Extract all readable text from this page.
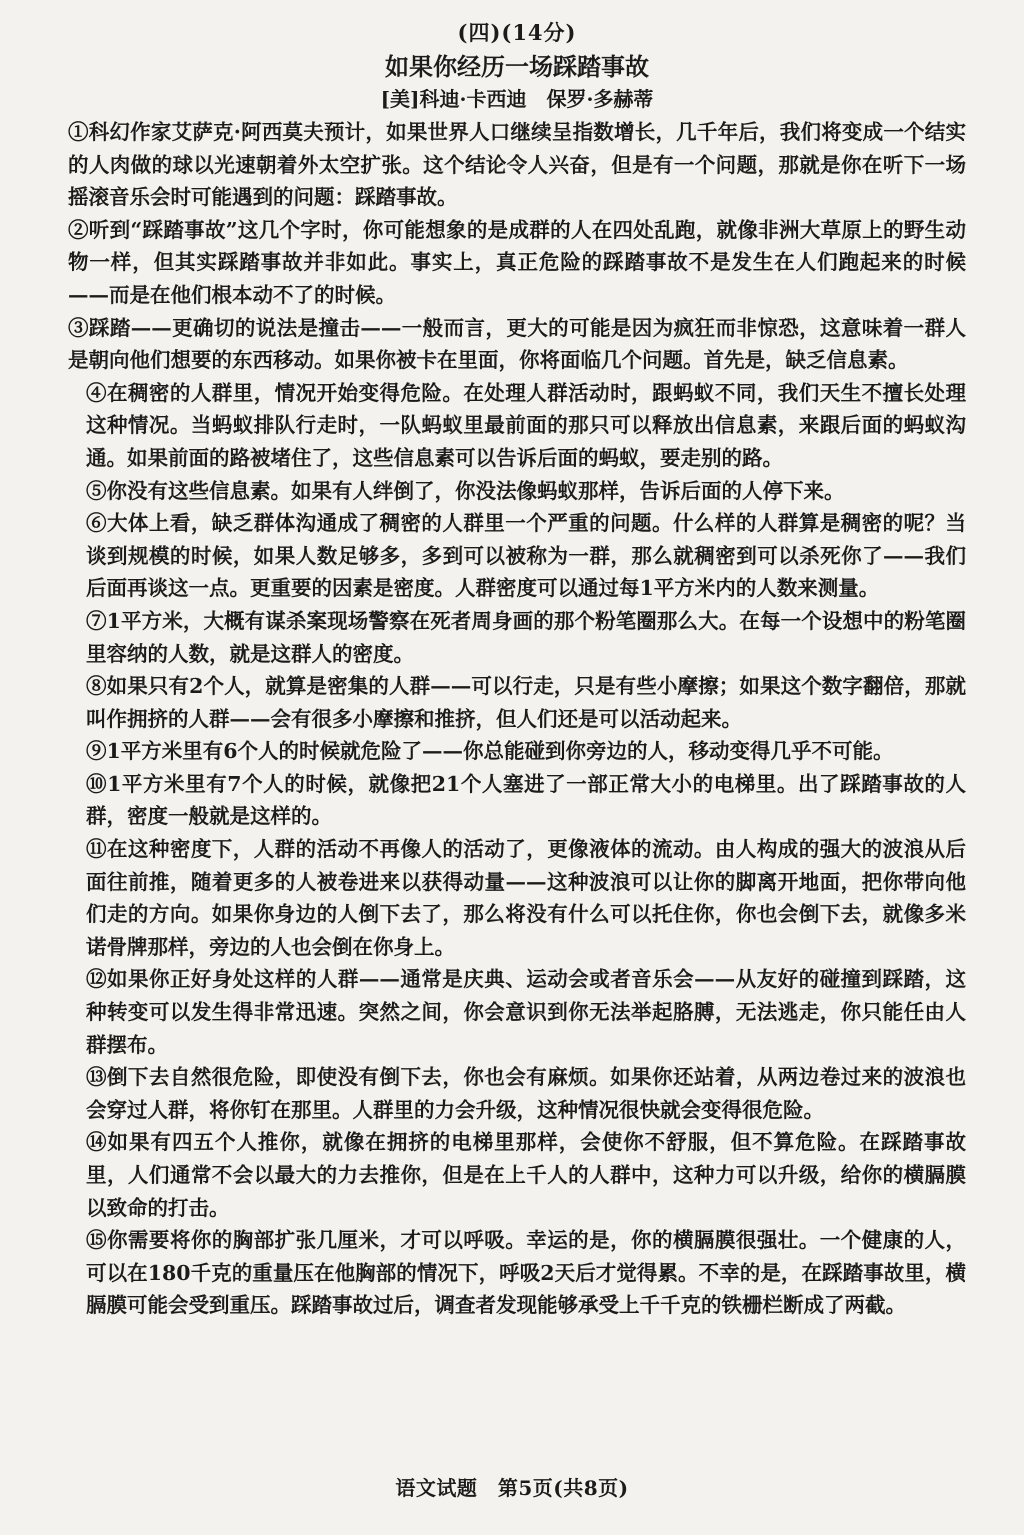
(四)(14分)
如果你经历一场踩踏事故
[美]科迪·卡西迪　保罗·多赫蒂

①科幻作家艾萨克·阿西莫夫预计，如果世界人口继续呈指数增长，几千年后，我们将变成一个结实的人肉做的球以光速朝着外太空扩张。这个结论令人兴奋，但是有一个问题，那就是你在听下一场摇滚音乐会时可能遇到的问题：踩踏事故。

②听到“踩踏事故”这几个字时，你可能想象的是成群的人在四处乱跑，就像非洲大草原上的野生动物一样，但其实踩踏事故并非如此。事实上，真正危险的踩踏事故不是发生在人们跑起来的时候——而是在他们根本动不了的时候。

③踩踏——更确切的说法是撞击——一般而言，更大的可能是因为疯狂而非惊恐，这意味着一群人是朝向他们想要的东西移动。如果你被卡在里面，你将面临几个问题。首先是，缺乏信息素。

④在稠密的人群里，情况开始变得危险。在处理人群活动时，跟蚂蚁不同，我们天生不擅长处理这种情况。当蚂蚁排队行走时，一队蚂蚁里最前面的那只可以释放出信息素，来跟后面的蚂蚁沟通。如果前面的路被堵住了，这些信息素可以告诉后面的蚂蚁，要走别的路。

⑤你没有这些信息素。如果有人绊倒了，你没法像蚂蚁那样，告诉后面的人停下来。

⑥大体上看，缺乏群体沟通成了稠密的人群里一个严重的问题。什么样的人群算是稠密的呢？当谈到规模的时候，如果人数足够多，多到可以被称为一群，那么就稠密到可以杀死你了——我们后面再谈这一点。更重要的因素是密度。人群密度可以通过每1平方米内的人数来测量。

⑦1平方米，大概有谋杀案现场警察在死者周身画的那个粉笔圈那么大。在每一个设想中的粉笔圈里容纳的人数，就是这群人的密度。

⑧如果只有2个人，就算是密集的人群——可以行走，只是有些小摩擦；如果这个数字翻倍，那就叫作拥挤的人群——会有很多小摩擦和推挤，但人们还是可以活动起来。

⑨1平方米里有6个人的时候就危险了——你总能碰到你旁边的人，移动变得几乎不可能。

⑩1平方米里有7个人的时候，就像把21个人塞进了一部正常大小的电梯里。出了踩踏事故的人群，密度一般就是这样的。

⑪在这种密度下，人群的活动不再像人的活动了，更像液体的流动。由人构成的强大的波浪从后面往前推，随着更多的人被卷进来以获得动量——这种波浪可以让你的脚离开地面，把你带向他们走的方向。如果你身边的人倒下去了，那么将没有什么可以托住你，你也会倒下去，就像多米诺骨牌那样，旁边的人也会倒在你身上。

⑫如果你正好身处这样的人群——通常是庆典、运动会或者音乐会——从友好的碰撞到踩踏，这种转变可以发生得非常迅速。突然之间，你会意识到你无法举起胳膊，无法逃走，你只能任由人群摆布。

⑬倒下去自然很危险，即使没有倒下去，你也会有麻烦。如果你还站着，从两边卷过来的波浪也会穿过人群，将你钉在那里。人群里的力会升级，这种情况很快就会变得很危险。

⑭如果有四五个人推你，就像在拥挤的电梯里那样，会使你不舒服，但不算危险。在踩踏事故里，人们通常不会以最大的力去推你，但是在上千人的人群中，这种力可以升级，给你的横膈膜以致命的打击。

⑮你需要将你的胸部扩张几厘米，才可以呼吸。幸运的是，你的横膈膜很强壮。一个健康的人，可以在180千克的重量压在他胸部的情况下，呼吸2天后才觉得累。不幸的是，在踩踏事故里，横膈膜可能会受到重压。踩踏事故过后，调查者发现能够承受上千千克的铁栅栏断成了两截。

语文试题　第5页(共8页)
